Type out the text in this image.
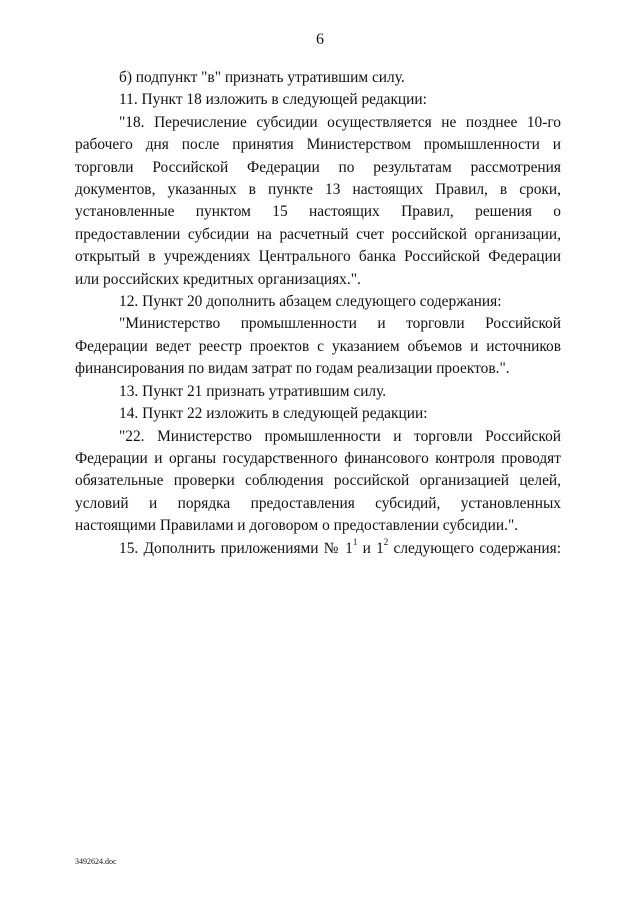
6

б) подпункт "в" признать утратившим силу.

11. Пункт 18 изложить в следующей редакции:

"18. Перечисление субсидии осуществляется не позднее 10-го рабочего дня после принятия Министерством промышленности и торговли Российской Федерации по результатам рассмотрения документов, указанных в пункте 13 настоящих Правил, в сроки, установленные пунктом 15 настоящих Правил, решения о предоставлении субсидии на расчетный счет российской организации, открытый в учреждениях Центрального банка Российской Федерации или российских кредитных организациях.".

12. Пункт 20 дополнить абзацем следующего содержания:

"Министерство промышленности и торговли Российской Федерации ведет реестр проектов с указанием объемов и источников финансирования по видам затрат по годам реализации проектов.".

13. Пункт 21 признать утратившим силу.

14. Пункт 22 изложить в следующей редакции:

"22. Министерство промышленности и торговли Российской Федерации и органы государственного финансового контроля проводят обязательные проверки соблюдения российской организацией целей, условий и порядка предоставления субсидий, установленных настоящими Правилами и договором о предоставлении субсидии.".

15. Дополнить приложениями № $1^1$ и $1^2$ следующего содержания:

3492624.doc
